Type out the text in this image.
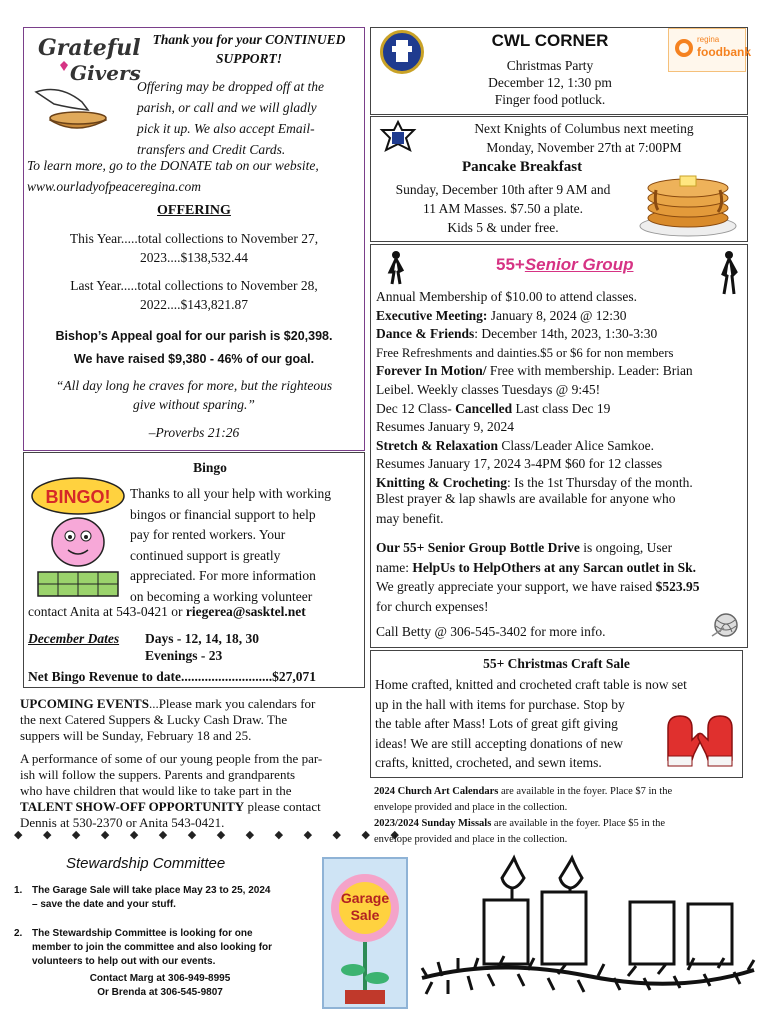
Grateful
Givers
Thank you for your CONTINUED
SUPPORT!
Offering may be dropped off at the
parish, or call and we will gladly
pick it up. We also accept Email-
transfers and Credit Cards.
To learn more, go to the DONATE tab on our website,
www.ourladyofpeaceregina.com
OFFERING
This Year.....total collections to November 27,
2023....$138,532.44
Last Year.....total collections to November 28,
2022....$143,821.87
Bishop’s Appeal goal for our parish is $20,398.
We have raised $9,380 - 46% of our goal.
“All day long he craves for more, but the righteous
give without sparing.”
–Proverbs 21:26
Bingo
BINGO! Thanks to all your help with working
bingos or financial support to help
pay for rented workers. Your
continued support is greatly
appreciated. For more information
on becoming a working volunteer
contact Anita at 543-0421 or riegerea@sasktel.net
December Dates Days - 12, 14, 18, 30
Evenings - 23
Net Bingo Revenue to date...........................$27,071
UPCOMING EVENTS...Please mark you calendars for
the next Catered Suppers & Lucky Cash Draw. The
suppers will be Sunday, February 18 and 25.
A performance of some of our young people from the par-
ish will follow the suppers. Parents and grandparents
who have children that would like to take part in the
TALENT SHOW-OFF OPPORTUNITY please contact
Dennis at 530-2370 or Anita 543-0421.
◆◆◆◆◆◆◆◆◆◆◆◆◆◆
Stewardship Committee
1. The Garage Sale will take place May 23 to 25, 2024
– save the date and your stuff.
2. The Stewardship Committee is looking for one
member to join the committee and also looking for
volunteers to help out with our events.
Contact Marg at 306-949-8995
Or Brenda at 306-545-9807
Garage
Sale
CWL CORNER
Christmas Party
December 12, 1:30 pm
Finger food potluck.
regina
foodbank
Next Knights of Columbus next meeting
Monday, November 27th at 7:00PM
Pancake Breakfast
Sunday, December 10th after 9 AM and
11 AM Masses. $7.50 a plate.
Kids 5 & under free.
55+Senior Group
Annual Membership of $10.00 to attend classes.
Executive Meeting: January 8, 2024 @ 12:30
Dance & Friends: December 14th, 2023, 1:30-3:30
Free Refreshments and dainties.$5 or $6 for non members
Forever In Motion/ Free with membership. Leader: Brian
Leibel. Weekly classes Tuesdays @ 9:45!
Dec 12 Class- Cancelled Last class Dec 19
Resumes January 9, 2024
Stretch & Relaxation Class/Leader Alice Samkoe.
Resumes January 17, 2024 3-4PM $60 for 12 classes
Knitting & Crocheting: Is the 1st Thursday of the month.
Blest prayer & lap shawls are available for anyone who
may benefit.
Our 55+ Senior Group Bottle Drive is ongoing, User
name: HelpUs to HelpOthers at any Sarcan outlet in Sk.
We greatly appreciate your support, we have raised $523.95
for church expenses!
Call Betty @ 306-545-3402 for more info.
55+ Christmas Craft Sale
Home crafted, knitted and crocheted craft table is now set
up in the hall with items for purchase. Stop by
the table after Mass! Lots of great gift giving
ideas! We are still accepting donations of new
crafts, knitted, crocheted, and sewn items.
2024 Church Art Calendars are available in the foyer. Place $7 in the
envelope provided and place in the collection.
2023/2024 Sunday Missals are available in the foyer. Place $5 in the
envelope provided and place in the collection.
